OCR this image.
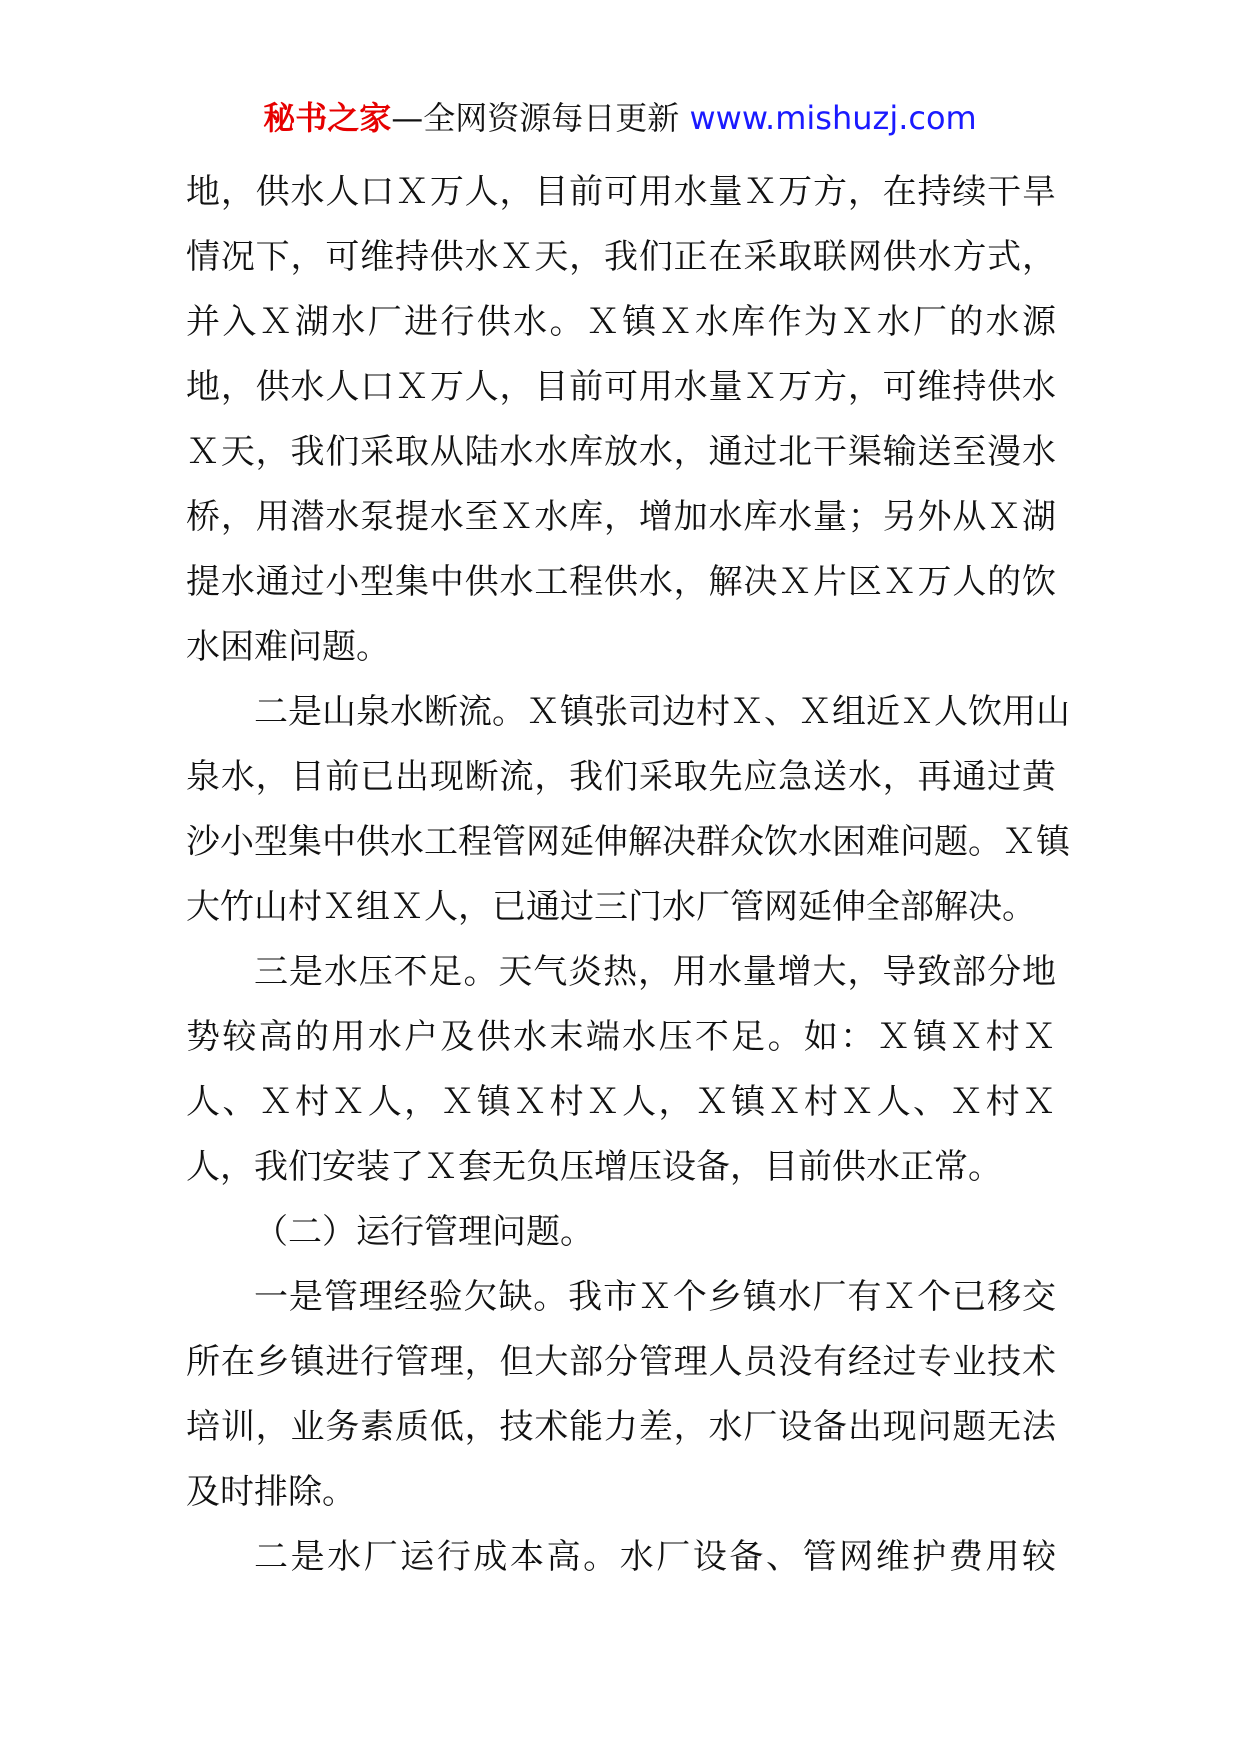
秘书之家—全网资源每日更新 www.mishuzj.com
地，供水人口Ｘ万人，目前可用水量Ｘ万方，在持续干旱
情况下，可维持供水Ｘ天，我们正在采取联网供水方式，
并入Ｘ湖水厂进行供水。Ｘ镇Ｘ水库作为Ｘ水厂的水源
地，供水人口Ｘ万人，目前可用水量Ｘ万方，可维持供水
Ｘ天，我们采取从陆水水库放水，通过北干渠输送至漫水
桥，用潜水泵提水至Ｘ水库，增加水库水量；另外从Ｘ湖
提水通过小型集中供水工程供水，解决Ｘ片区Ｘ万人的饮
水困难问题。
二是山泉水断流。Ｘ镇张司边村Ｘ、Ｘ组近Ｘ人饮用山
泉水，目前已出现断流，我们采取先应急送水，再通过黄
沙小型集中供水工程管网延伸解决群众饮水困难问题。Ｘ镇
大竹山村Ｘ组Ｘ人，已通过三门水厂管网延伸全部解决。
三是水压不足。天气炎热，用水量增大，导致部分地
势较高的用水户及供水末端水压不足。如：Ｘ镇Ｘ村Ｘ
人、Ｘ村Ｘ人，Ｘ镇Ｘ村Ｘ人，Ｘ镇Ｘ村Ｘ人、Ｘ村Ｘ
人，我们安装了Ｘ套无负压增压设备，目前供水正常。
（二）运行管理问题。
一是管理经验欠缺。我市Ｘ个乡镇水厂有Ｘ个已移交
所在乡镇进行管理，但大部分管理人员没有经过专业技术
培训，业务素质低，技术能力差，水厂设备出现问题无法
及时排除。
二是水厂运行成本高。水厂设备、管网维护费用较
